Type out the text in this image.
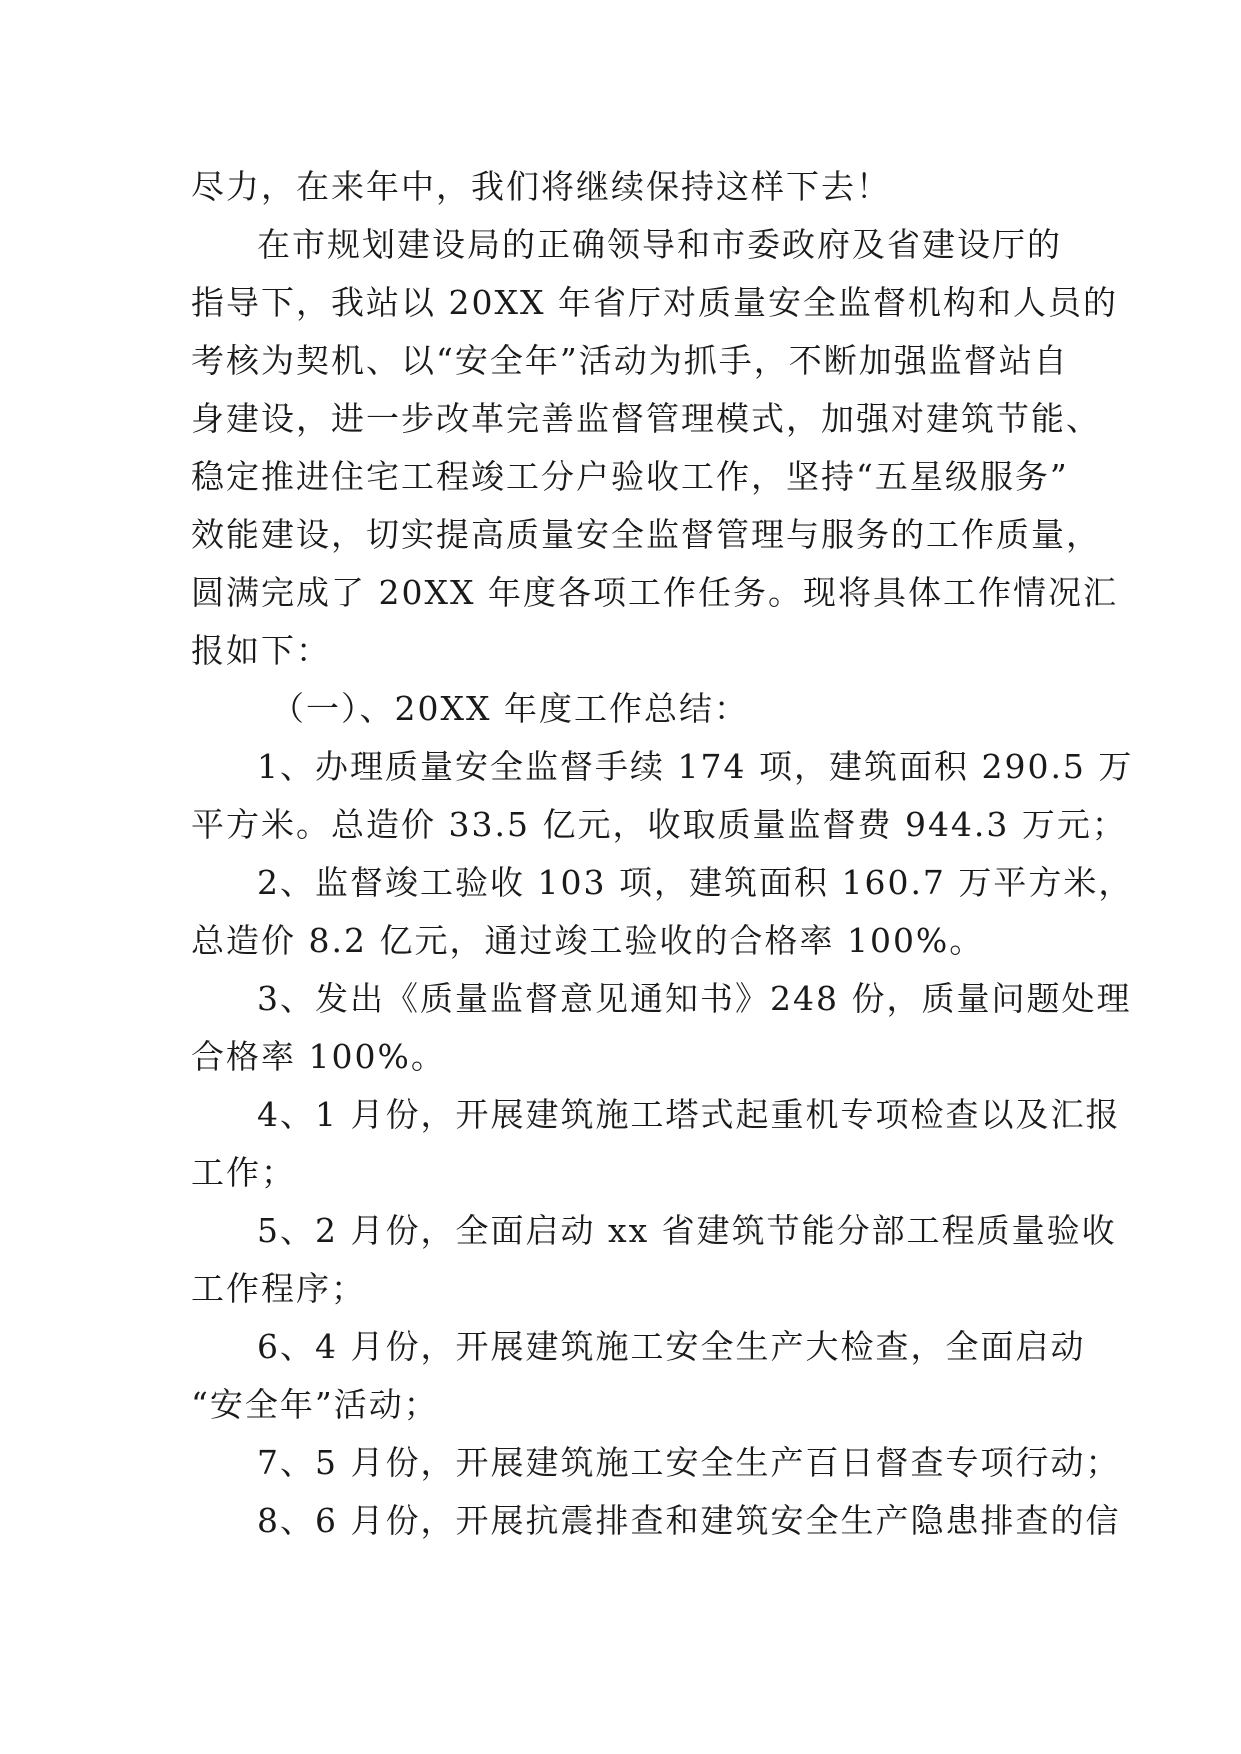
尽力，在来年中，我们将继续保持这样下去！
在市规划建设局的正确领导和市委政府及省建设厅的
指导下，我站以 20XX 年省厅对质量安全监督机构和人员的
考核为契机、以“安全年”活动为抓手，不断加强监督站自
身建设，进一步改革完善监督管理模式，加强对建筑节能、
稳定推进住宅工程竣工分户验收工作，坚持“五星级服务”
效能建设，切实提高质量安全监督管理与服务的工作质量，
圆满完成了 20XX 年度各项工作任务。现将具体工作情况汇
报如下：
（一）、20XX 年度工作总结：
1、办理质量安全监督手续 174 项，建筑面积 290.5 万
平方米。总造价 33.5 亿元，收取质量监督费 944.3 万元；
2、监督竣工验收 103 项，建筑面积 160.7 万平方米，
总造价 8.2 亿元，通过竣工验收的合格率 100%。
3、发出《质量监督意见通知书》248 份，质量问题处理
合格率 100%。
4、1 月份，开展建筑施工塔式起重机专项检查以及汇报
工作；
5、2 月份，全面启动 xx 省建筑节能分部工程质量验收
工作程序；
6、4 月份，开展建筑施工安全生产大检查，全面启动
“安全年”活动；
7、5 月份，开展建筑施工安全生产百日督查专项行动；
8、6 月份，开展抗震排查和建筑安全生产隐患排查的信
